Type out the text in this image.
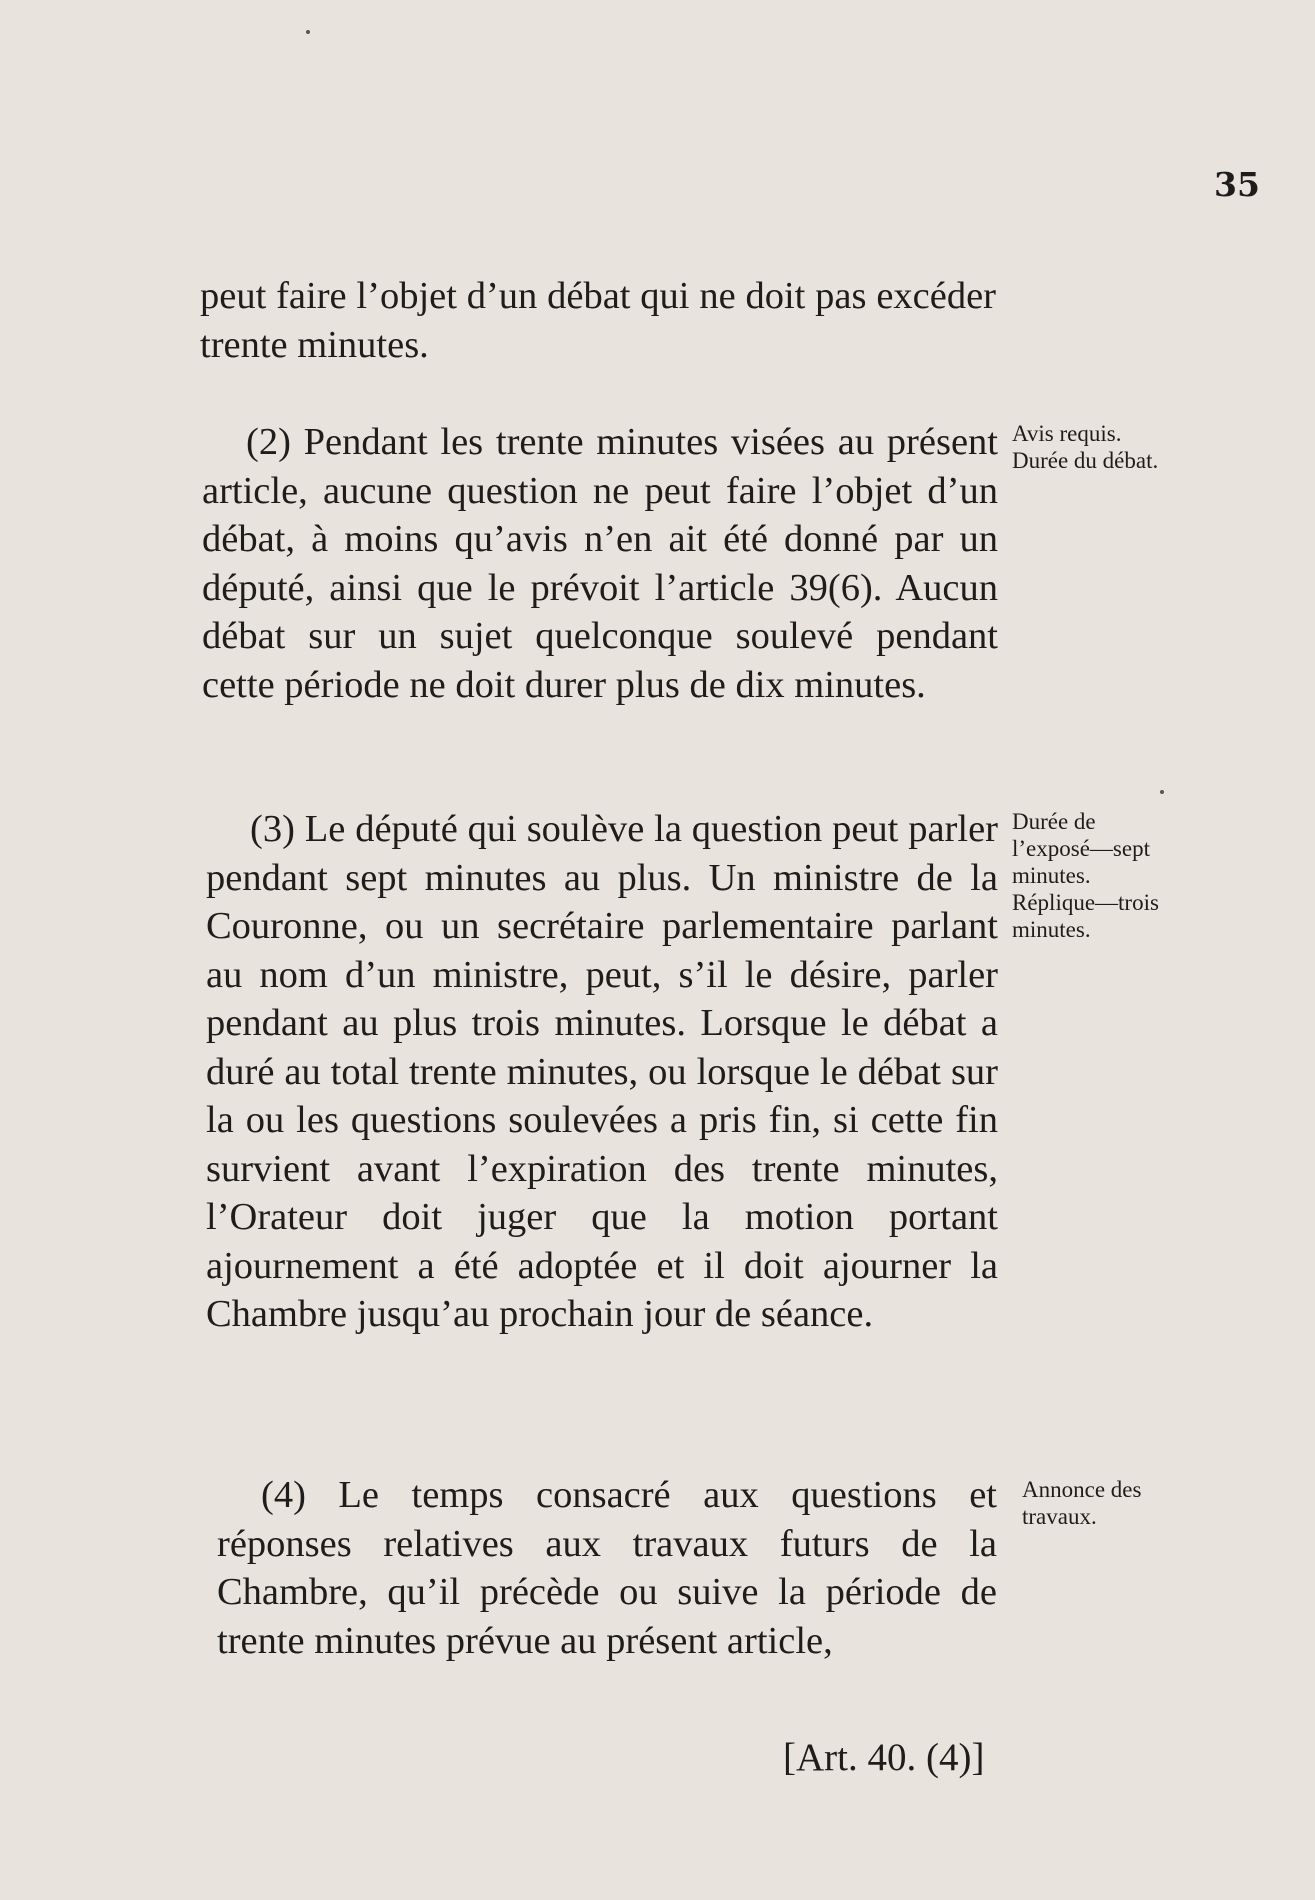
35

peut faire l’objet d’un débat qui ne doit pas excéder trente minutes.

(2) Pendant les trente minutes visées au présent article, aucune question ne peut faire l’objet d’un débat, à moins qu’avis n’en ait été donné par un député, ainsi que le prévoit l’article 39(6). Aucun débat sur un sujet quelconque soulevé pendant cette période ne doit durer plus de dix minutes.

(3) Le député qui soulève la question peut parler pendant sept minutes au plus. Un ministre de la Couronne, ou un secrétaire parlementaire parlant au nom d’un ministre, peut, s’il le désire, parler pendant au plus trois minutes. Lorsque le débat a duré au total trente minutes, ou lorsque le débat sur la ou les questions soulevées a pris fin, si cette fin survient avant l’expiration des trente minutes, l’Orateur doit juger que la motion portant ajournement a été adoptée et il doit ajourner la Chambre jusqu’au prochain jour de séance.

(4) Le temps consacré aux questions et réponses relatives aux travaux futurs de la Chambre, qu’il précède ou suive la période de trente minutes prévue au présent article,

Avis requis.
Durée du débat.
Durée de
l’exposé—sept
minutes.
Réplique—trois
minutes.
Annonce des
travaux.
[Art. 40. (4)]
